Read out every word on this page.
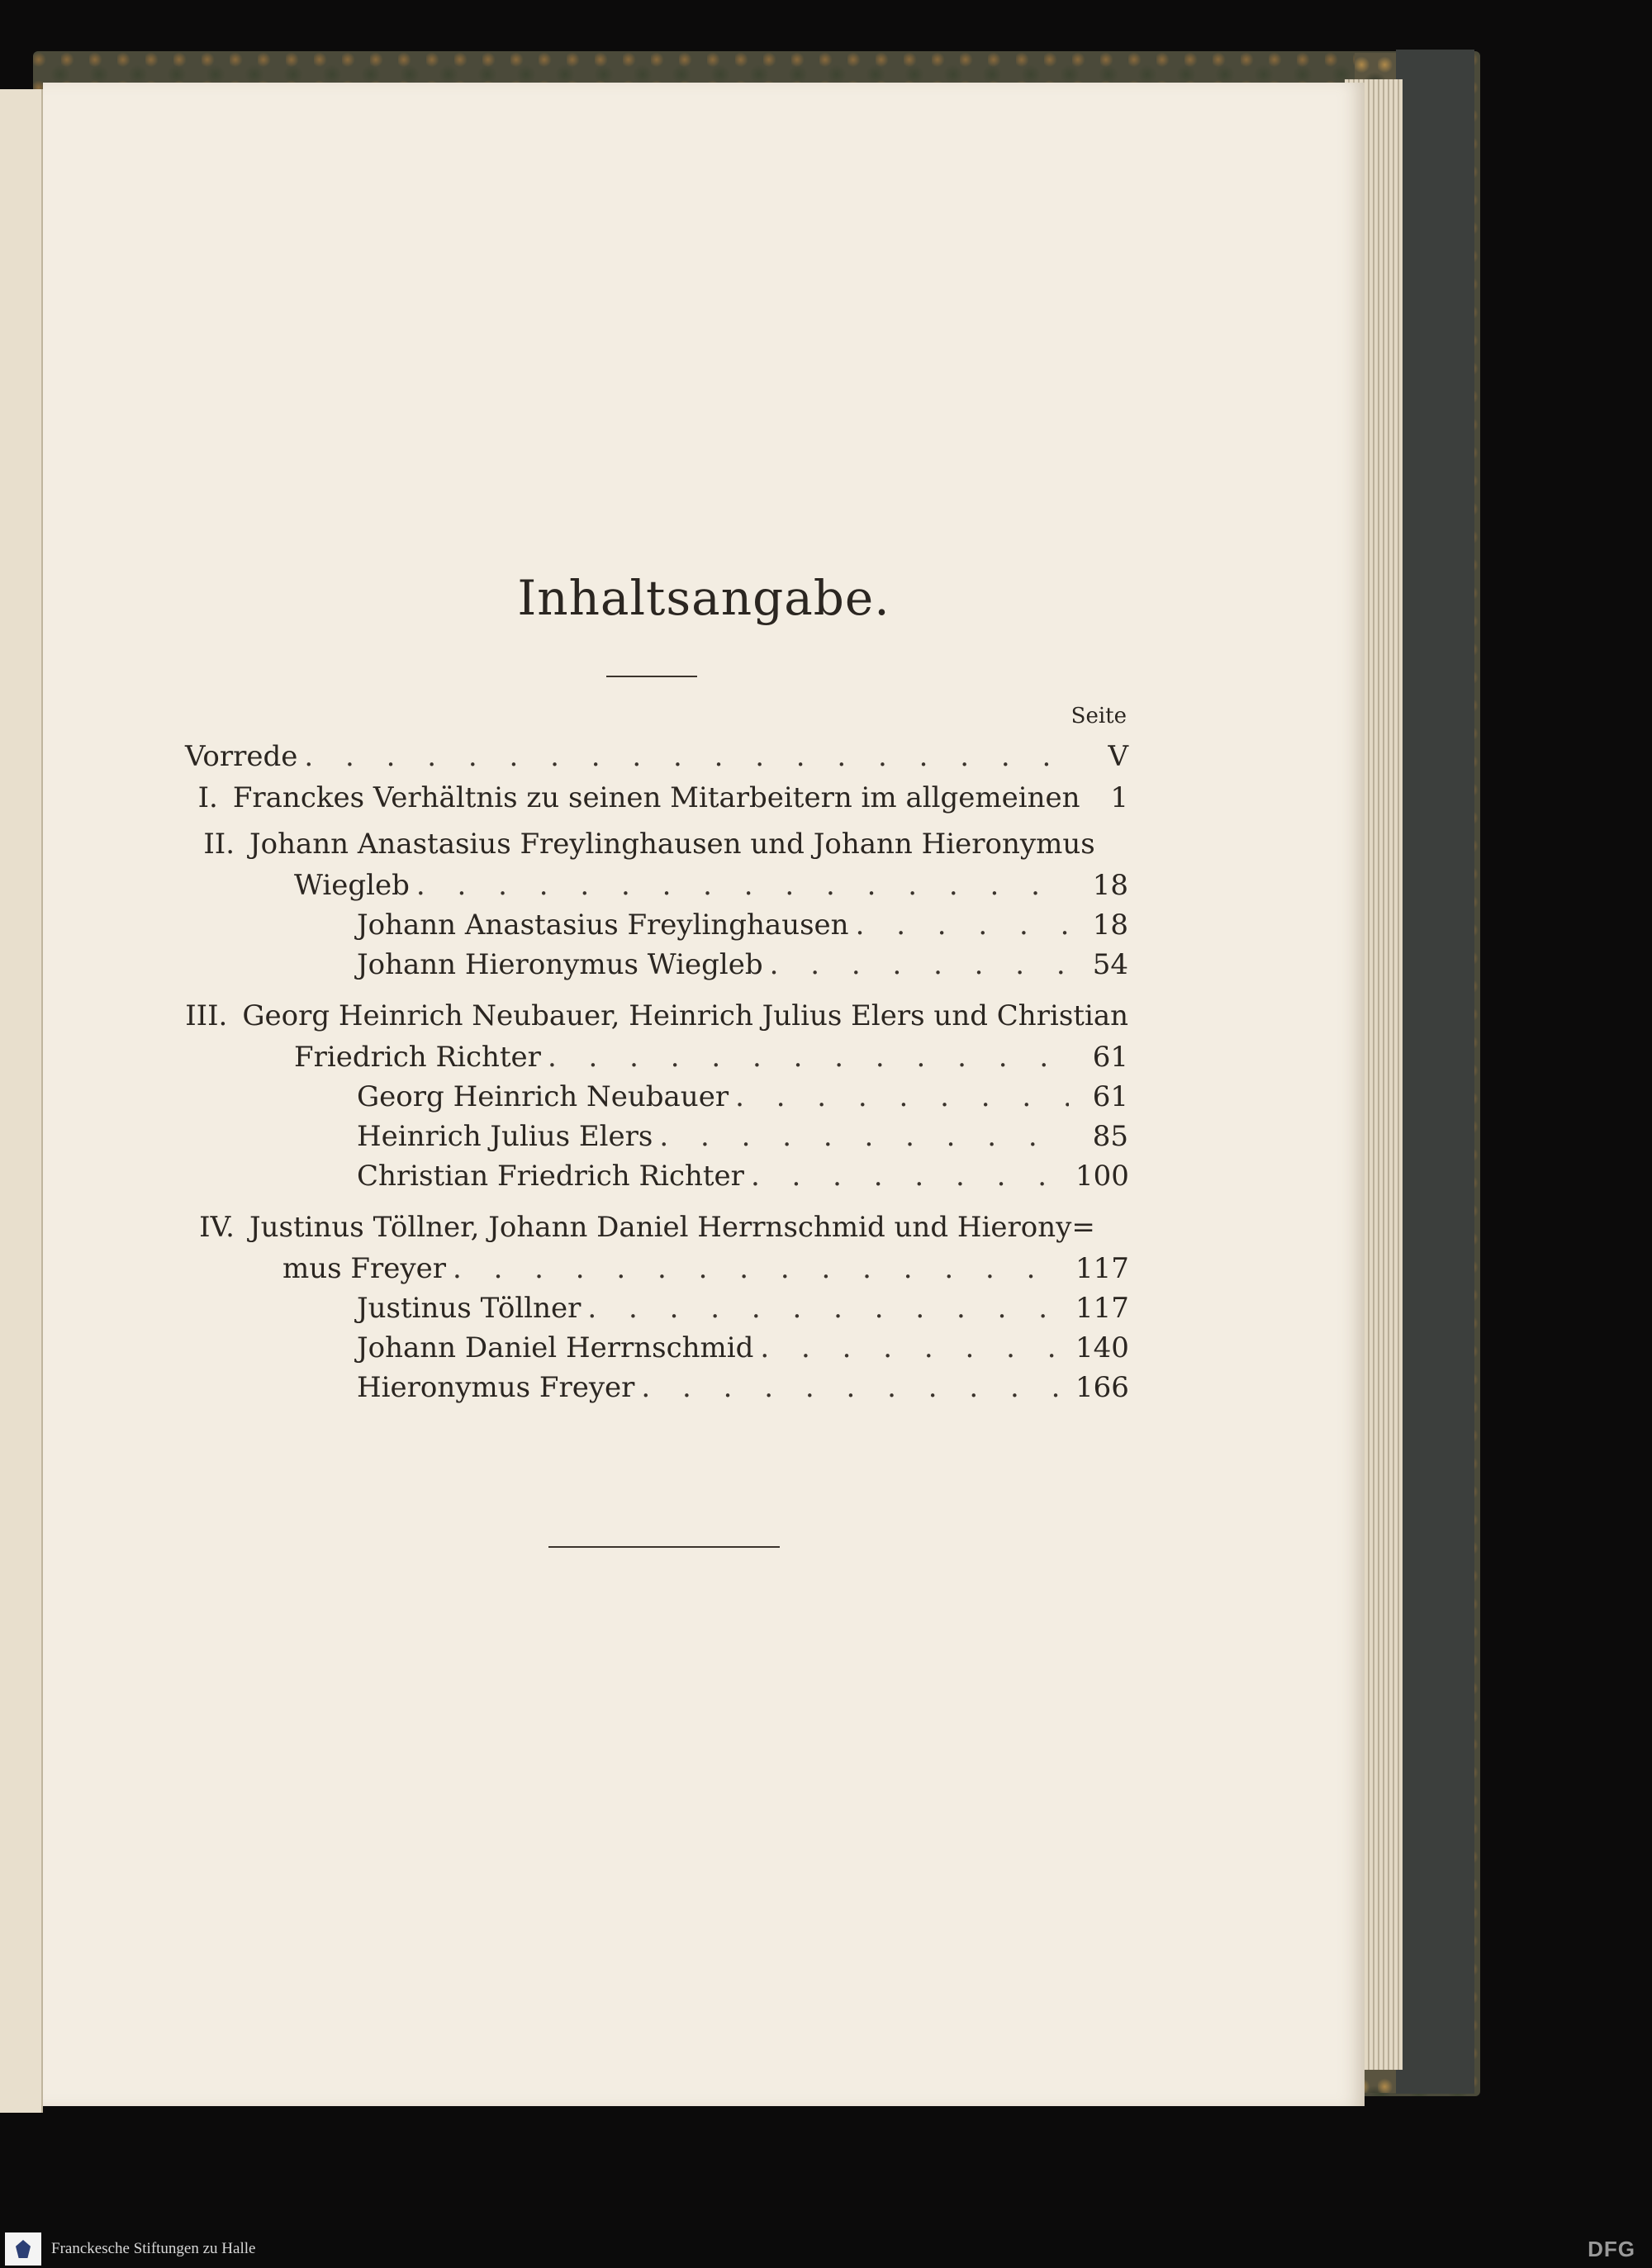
Inhaltsangabe.
Seite
Vorrede . . .	V
I. Franckes Verhältnis zu seinen Mitarbeitern im allgemeinen	1
II. Johann Anastasius Freylinghausen und Johann Hieronymus
Wiegleb . . .	18
Johann Anastasius Freylinghausen . . .	18
Johann Hieronymus Wiegleb . . .	54
III. Georg Heinrich Neubauer, Heinrich Julius Elers und Christian
Friedrich Richter . . .	61
Georg Heinrich Neubauer . . .	61
Heinrich Julius Elers . . .	85
Christian Friedrich Richter . . .	100
IV. Justinus Töllner, Johann Daniel Herrnschmid und Hierony=
mus Freyer . . .	117
Justinus Töllner . . .	117
Johann Daniel Herrnschmid . . .	140
Hieronymus Freyer . . .	166
Franckesche Stiftungen zu Halle	DFG
